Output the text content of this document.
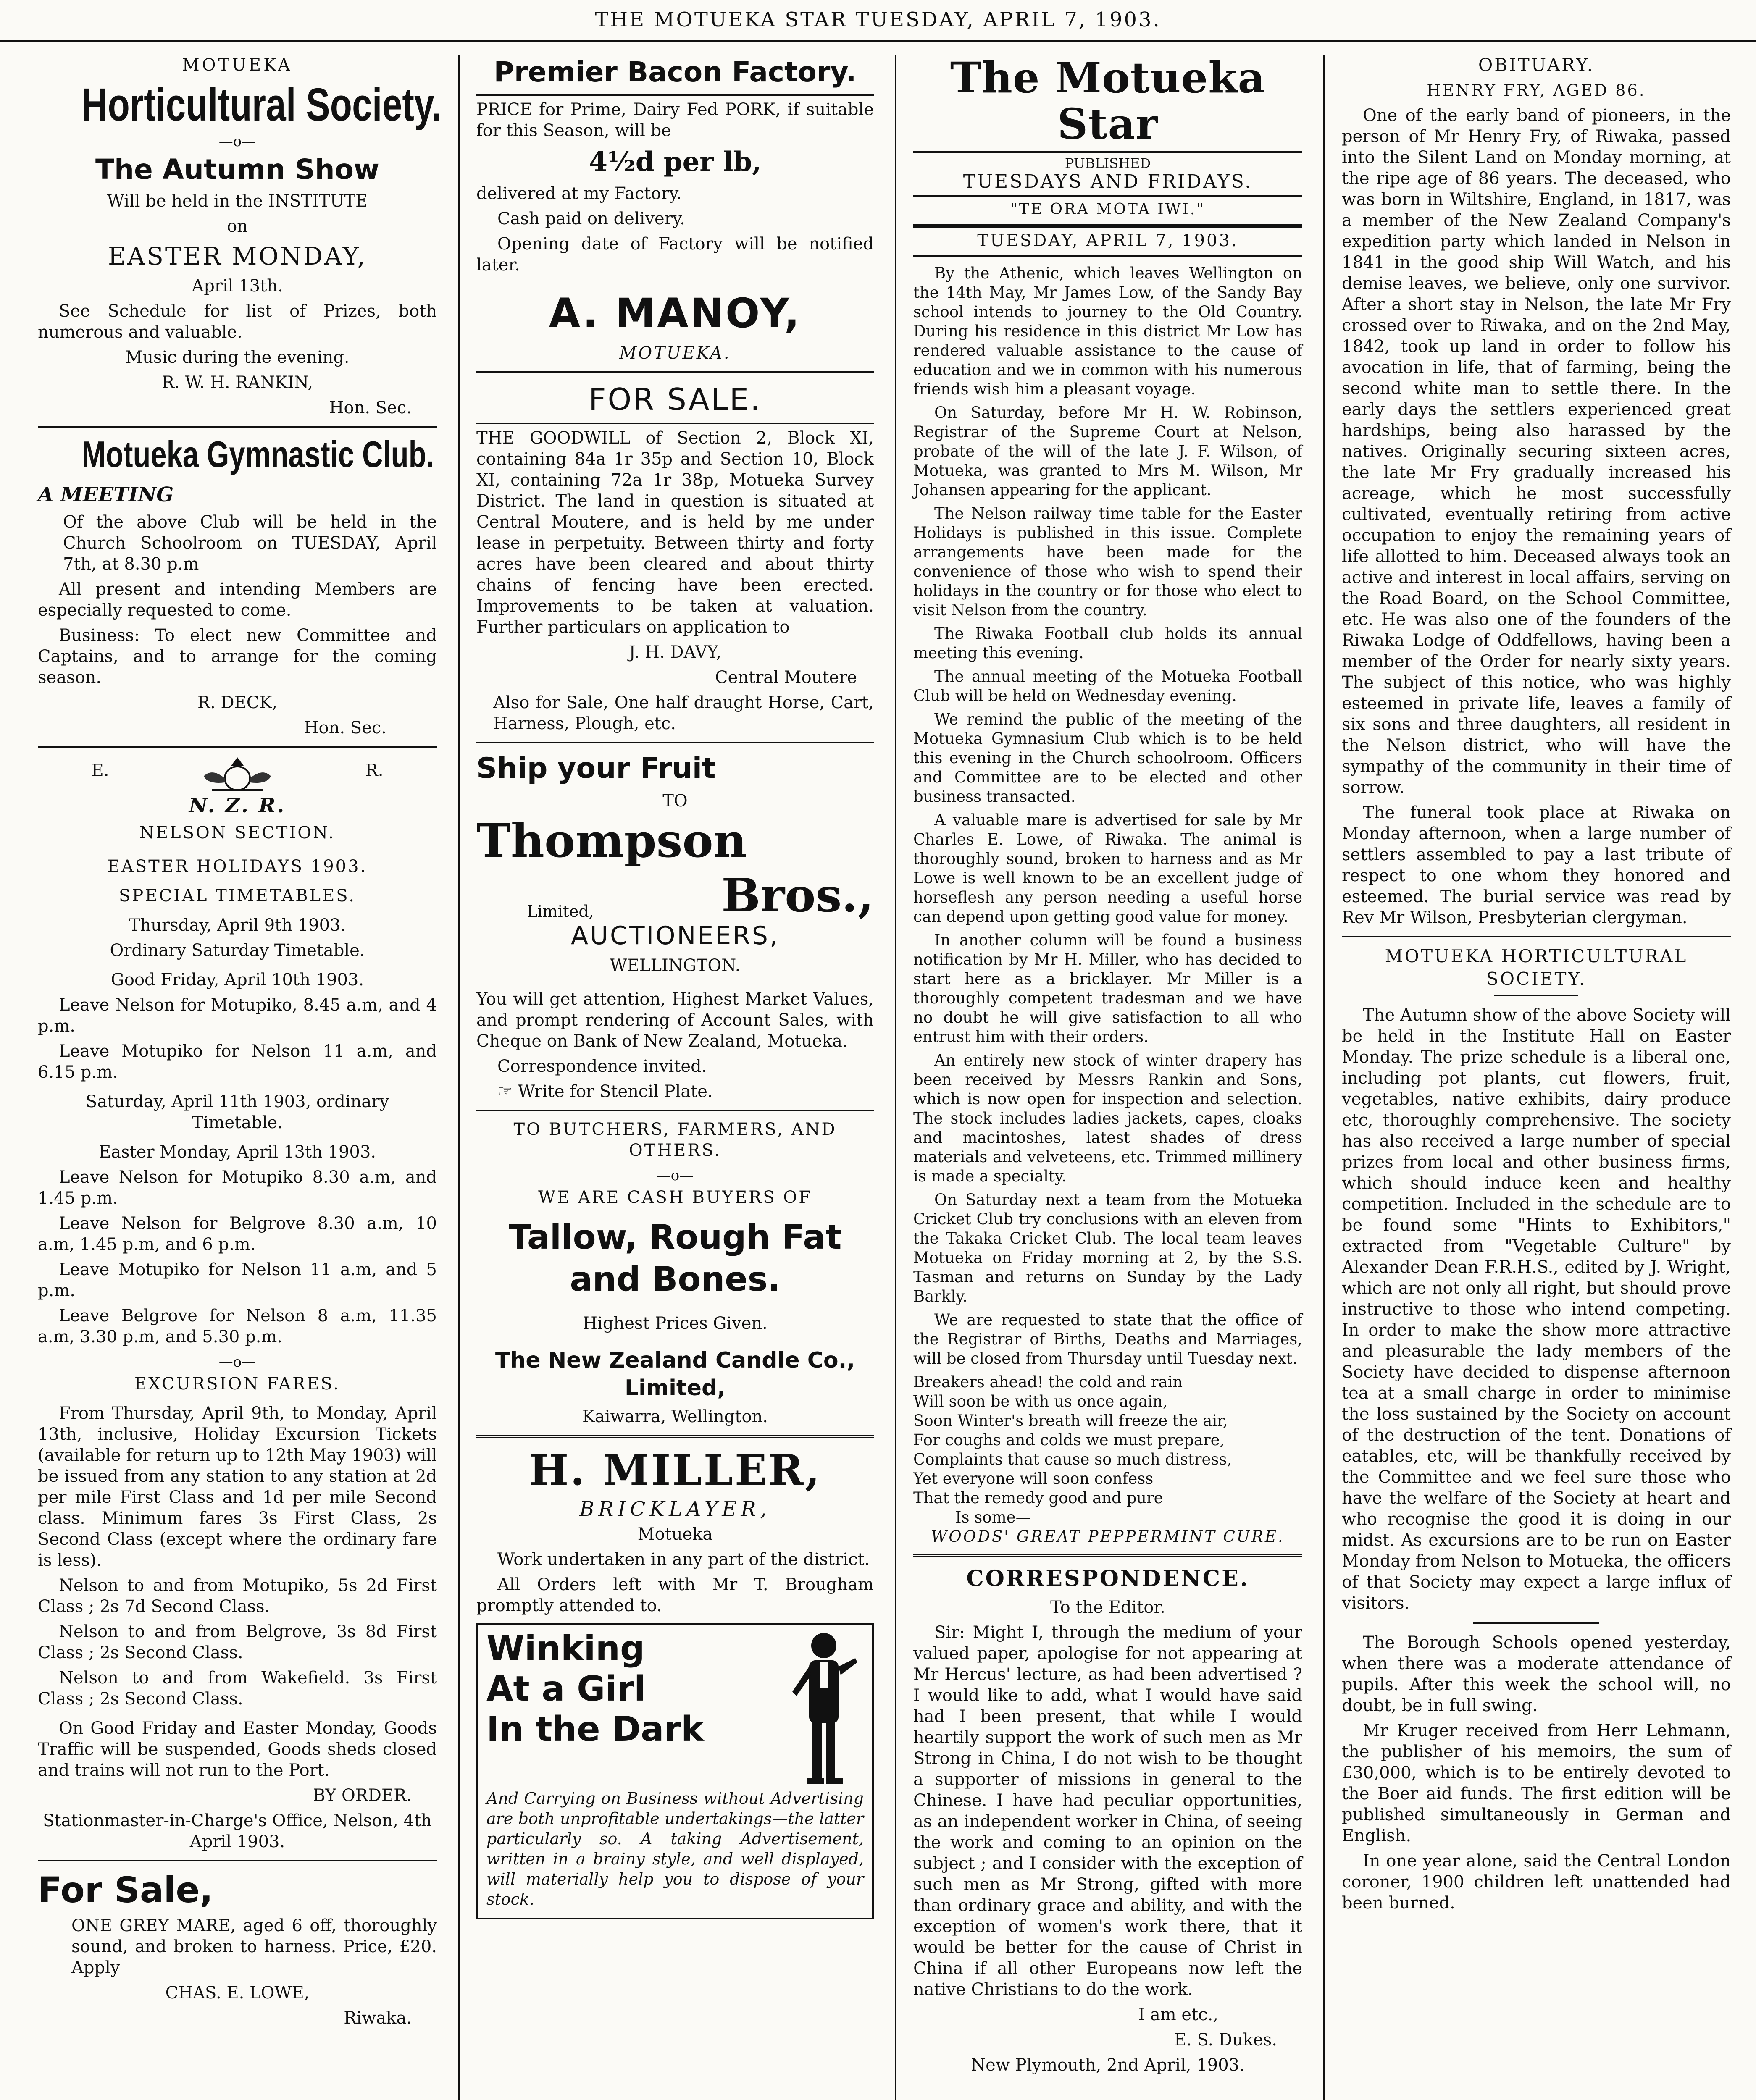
THE MOTUEKA STAR TUESDAY, APRIL 7, 1903.

MOTUEKA

Horticultural Society.

—o—

The Autumn Show

Will be held in the INSTITUTE

on

EASTER MONDAY,

April 13th.

See Schedule for list of Prizes, both numerous and valuable.

Music during the evening.

R. W. H. RANKIN,

Hon. Sec.

Motueka Gymnastic Club.

A MEETING

Of the above Club will be held in the Church Schoolroom on TUESDAY, April 7th, at 8.30 p.m

All present and intending Members are especially requested to come.

Business: To elect new Committee and Captains, and to arrange for the coming season.

R. DECK,

Hon. Sec.

E.	R.

N. Z. R.

NELSON SECTION.

EASTER HOLIDAYS 1903.

SPECIAL TIMETABLES.

Thursday, April 9th 1903.

Ordinary Saturday Timetable.

Good Friday, April 10th 1903.

Leave Nelson for Motupiko, 8.45 a.m, and 4 p.m.

Leave Motupiko for Nelson 11 a.m, and 6.15 p.m.

Saturday, April 11th 1903, ordinary Timetable.

Easter Monday, April 13th 1903.

Leave Nelson for Motupiko 8.30 a.m, and 1.45 p.m.

Leave Nelson for Belgrove 8.30 a.m, 10 a.m, 1.45 p.m, and 6 p.m.

Leave Motupiko for Nelson 11 a.m, and 5 p.m.

Leave Belgrove for Nelson 8 a.m, 11.35 a.m, 3.30 p.m, and 5.30 p.m.

—o—

EXCURSION FARES.

From Thursday, April 9th, to Monday, April 13th, inclusive, Holiday Excursion Tickets (available for return up to 12th May 1903) will be issued from any station to any station at 2d per mile First Class and 1d per mile Second class. Minimum fares 3s First Class, 2s Second Class (except where the ordinary fare is less).

Nelson to and from Motupiko, 5s 2d First Class ; 2s 7d Second Class.

Nelson to and from Belgrove, 3s 8d First Class ; 2s Second Class.

Nelson to and from Wakefield. 3s First Class ; 2s Second Class.

On Good Friday and Easter Monday, Goods Traffic will be suspended, Goods sheds closed and trains will not run to the Port.

BY ORDER.

Stationmaster-in-Charge's Office, Nelson, 4th April 1903.

For Sale,

ONE GREY MARE, aged 6 off, thoroughly sound, and broken to harness. Price, £20. Apply

CHAS. E. LOWE,

Riwaka.

Premier Bacon Factory.

PRICE for Prime, Dairy Fed PORK, if suitable for this Season, will be

4½d per lb,

delivered at my Factory.

Cash paid on delivery.

Opening date of Factory will be notified later.

A. MANOY,

MOTUEKA.

FOR SALE.

THE GOODWILL of Section 2, Block XI, containing 84a 1r 35p and Section 10, Block XI, containing 72a 1r 38p, Motueka Survey District. The land in question is situated at Central Moutere, and is held by me under lease in perpetuity. Between thirty and forty acres have been cleared and about thirty chains of fencing have been erected. Improvements to be taken at valuation. Further particulars on application to

J. H. DAVY,

Central Moutere

Also for Sale, One half draught Horse, Cart, Harness, Plough, etc.

Ship your Fruit

TO

Thompson

Limited,	Bros.,

AUCTIONEERS,

WELLINGTON.

You will get attention, Highest Market Values, and prompt rendering of Account Sales, with Cheque on Bank of New Zealand, Motueka.

Correspondence invited.

☞ Write for Stencil Plate.

TO BUTCHERS, FARMERS, AND OTHERS.

—o—

WE ARE CASH BUYERS OF

Tallow, Rough Fat and Bones.

Highest Prices Given.

The New Zealand Candle Co., Limited,

Kaiwarra, Wellington.

H. MILLER,

BRICKLAYER,

Motueka

Work undertaken in any part of the district.

All Orders left with Mr T. Brougham promptly attended to.

Winking

At a Girl

In the Dark

And Carrying on Business without Advertising are both unprofitable undertakings—the latter particularly so. A taking Advertisement, written in a brainy style, and well displayed, will materially help you to dispose of your stock.

The Motueka Star

PUBLISHED

TUESDAYS AND FRIDAYS.

"TE ORA MOTA IWI."

TUESDAY, APRIL 7, 1903.

By the Athenic, which leaves Wellington on the 14th May, Mr James Low, of the Sandy Bay school intends to journey to the Old Country. During his residence in this district Mr Low has rendered valuable assistance to the cause of education and we in common with his numerous friends wish him a pleasant voyage.

On Saturday, before Mr H. W. Robinson, Registrar of the Supreme Court at Nelson, probate of the will of the late J. F. Wilson, of Motueka, was granted to Mrs M. Wilson, Mr Johansen appearing for the applicant.

The Nelson railway time table for the Easter Holidays is published in this issue. Complete arrangements have been made for the convenience of those who wish to spend their holidays in the country or for those who elect to visit Nelson from the country.

The Riwaka Football club holds its annual meeting this evening.

The annual meeting of the Motueka Football Club will be held on Wednesday evening.

We remind the public of the meeting of the Motueka Gymnasium Club which is to be held this evening in the Church schoolroom. Officers and Committee are to be elected and other business transacted.

A valuable mare is advertised for sale by Mr Charles E. Lowe, of Riwaka. The animal is thoroughly sound, broken to harness and as Mr Lowe is well known to be an excellent judge of horseflesh any person needing a useful horse can depend upon getting good value for money.

In another column will be found a business notification by Mr H. Miller, who has decided to start here as a bricklayer. Mr Miller is a thoroughly competent tradesman and we have no doubt he will give satisfaction to all who entrust him with their orders.

An entirely new stock of winter drapery has been received by Messrs Rankin and Sons, which is now open for inspection and selection. The stock includes ladies jackets, capes, cloaks and macintoshes, latest shades of dress materials and velveteens, etc. Trimmed millinery is made a specialty.

On Saturday next a team from the Motueka Cricket Club try conclusions with an eleven from the Takaka Cricket Club. The local team leaves Motueka on Friday morning at 2, by the S.S. Tasman and returns on Sunday by the Lady Barkly.

We are requested to state that the office of the Registrar of Births, Deaths and Marriages, will be closed from Thursday until Tuesday next.

Breakers ahead! the cold and rain

Will soon be with us once again,

Soon Winter's breath will freeze the air,

For coughs and colds we must prepare,

Complaints that cause so much distress,

Yet everyone will soon confess

That the remedy good and pure

Is some—

WOODS' GREAT PEPPERMINT CURE.

CORRESPONDENCE.

To the Editor.

Sir: Might I, through the medium of your valued paper, apologise for not appearing at Mr Hercus' lecture, as had been advertised ? I would like to add, what I would have said had I been present, that while I would heartily support the work of such men as Mr Strong in China, I do not wish to be thought a supporter of missions in general to the Chinese. I have had peculiar opportunities, as an independent worker in China, of seeing the work and coming to an opinion on the subject ; and I consider with the exception of such men as Mr Strong, gifted with more than ordinary grace and ability, and with the exception of women's work there, that it would be better for the cause of Christ in China if all other Europeans now left the native Christians to do the work.

I am etc.,

E. S. Dukes.

New Plymouth, 2nd April, 1903.

OBITUARY.

HENRY FRY, AGED 86.

One of the early band of pioneers, in the person of Mr Henry Fry, of Riwaka, passed into the Silent Land on Monday morning, at the ripe age of 86 years. The deceased, who was born in Wiltshire, England, in 1817, was a member of the New Zealand Company's expedition party which landed in Nelson in 1841 in the good ship Will Watch, and his demise leaves, we believe, only one survivor. After a short stay in Nelson, the late Mr Fry crossed over to Riwaka, and on the 2nd May, 1842, took up land in order to follow his avocation in life, that of farming, being the second white man to settle there. In the early days the settlers experienced great hardships, being also harassed by the natives. Originally securing sixteen acres, the late Mr Fry gradually increased his acreage, which he most successfully cultivated, eventually retiring from active occupation to enjoy the remaining years of life allotted to him. Deceased always took an active and interest in local affairs, serving on the Road Board, on the School Committee, etc. He was also one of the founders of the Riwaka Lodge of Oddfellows, having been a member of the Order for nearly sixty years. The subject of this notice, who was highly esteemed in private life, leaves a family of six sons and three daughters, all resident in the Nelson district, who will have the sympathy of the community in their time of sorrow.

The funeral took place at Riwaka on Monday afternoon, when a large number of settlers assembled to pay a last tribute of respect to one whom they honored and esteemed. The burial service was read by Rev Mr Wilson, Presbyterian clergyman.

MOTUEKA HORTICULTURAL SOCIETY.

The Autumn show of the above Society will be held in the Institute Hall on Easter Monday. The prize schedule is a liberal one, including pot plants, cut flowers, fruit, vegetables, native exhibits, dairy produce etc, thoroughly comprehensive. The society has also received a large number of special prizes from local and other business firms, which should induce keen and healthy competition. Included in the schedule are to be found some "Hints to Exhibitors," extracted from "Vegetable Culture" by Alexander Dean F.R.H.S., edited by J. Wright, which are not only all right, but should prove instructive to those who intend competing. In order to make the show more attractive and pleasurable the lady members of the Society have decided to dispense afternoon tea at a small charge in order to minimise the loss sustained by the Society on account of the destruction of the tent. Donations of eatables, etc, will be thankfully received by the Committee and we feel sure those who have the welfare of the Society at heart and who recognise the good it is doing in our midst. As excursions are to be run on Easter Monday from Nelson to Motueka, the officers of that Society may expect a large influx of visitors.

The Borough Schools opened yesterday, when there was a moderate attendance of pupils. After this week the school will, no doubt, be in full swing.

Mr Kruger received from Herr Lehmann, the publisher of his memoirs, the sum of £30,000, which is to be entirely devoted to the Boer aid funds. The first edition will be published simultaneously in German and English.

In one year alone, said the Central London coroner, 1900 children left unattended had been burned.
